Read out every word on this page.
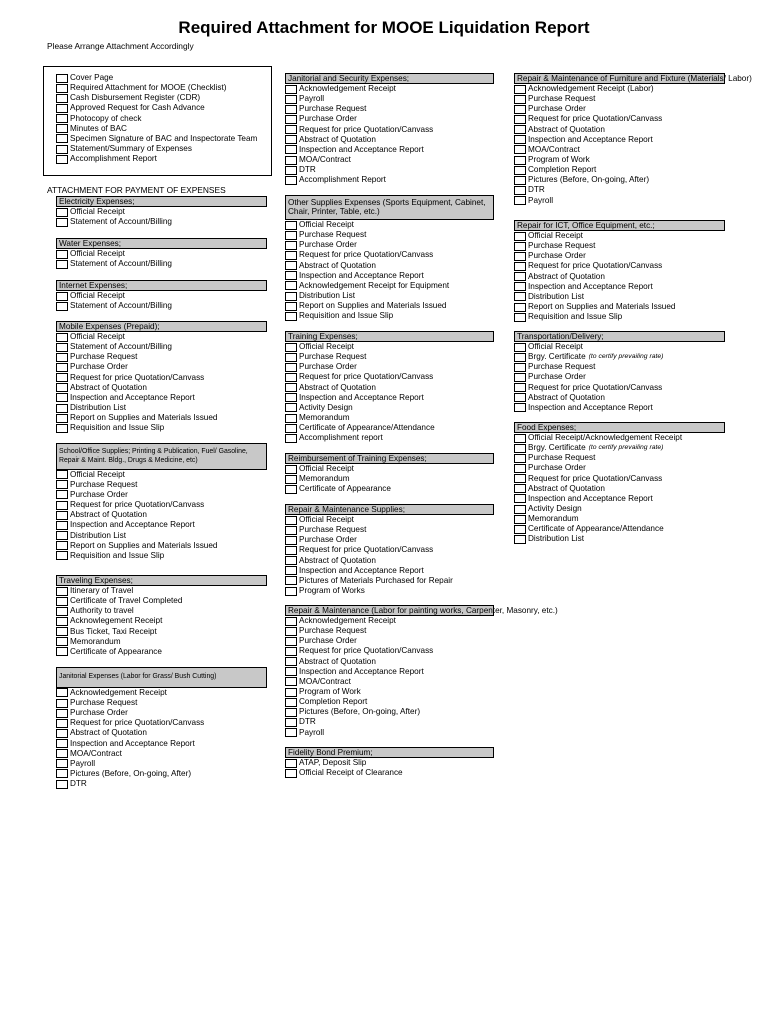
Required Attachment for MOOE Liquidation Report
Please Arrange Attachment Accordingly
Cover Page
Required Attachment for MOOE (Checklist)
Cash Disbursement Register (CDR)
Approved Request for Cash Advance
Photocopy of check
Minutes of BAC
Specimen Signature of BAC and Inspectorate Team
Statement/Summary of Expenses
Accomplishment Report
ATTACHMENT FOR PAYMENT OF EXPENSES
Electricity Expenses;
Official Receipt
Statement of Account/Billing
Water Expenses;
Official Receipt
Statement of Account/Billing
Internet Expenses;
Official Receipt
Statement of Account/Billing
Mobile Expenses (Prepaid);
Official Receipt
Statement of Account/Billing
Purchase Request
Purchase Order
Request for price Quotation/Canvass
Abstract of Quotation
Inspection and Acceptance Report
Distribution List
Report on Supplies and Materials Issued
Requisition and Issue Slip
School/Office Supplies; Printing & Publication, Fuel/ Gasoline, Repair & Maint. Bldg., Drugs & Medicine, etc)
Official Receipt
Purchase Request
Purchase Order
Request for price Quotation/Canvass
Abstract of Quotation
Inspection and Acceptance Report
Distribution List
Report on Supplies and Materials Issued
Requisition and Issue Slip
Traveling Expenses;
Itinerary of Travel
Certificate of Travel Completed
Authority to travel
Acknowlegement Receipt
Bus Ticket, Taxi Receipt
Memorandum
Certificate of Appearance
Janitorial Expenses (Labor for Grass/ Bush Cutting)
Acknowledgement Receipt
Purchase Request
Purchase Order
Request for price Quotation/Canvass
Abstract of Quotation
Inspection and Acceptance Report
MOA/Contract
Payroll
Pictures (Before, On-going, After)
DTR
Janitorial and Security Expenses;
Acknowledgement Receipt
Payroll
Purchase Request
Purchase Order
Request for price Quotation/Canvass
Abstract of Quotation
Inspection and Acceptance Report
MOA/Contract
DTR
Accomplishment Report
Other Supplies Expenses (Sports Equipment, Cabinet, Chair, Printer, Table, etc.)
Official Receipt
Purchase Request
Purchase Order
Request for price Quotation/Canvass
Abstract of Quotation
Inspection and Acceptance Report
Acknowledgement Receipt for Equipment
Distribution List
Report on Supplies and Materials Issued
Requisition and Issue Slip
Training Expenses;
Official Receipt
Purchase Request
Purchase Order
Request for price Quotation/Canvass
Abstract of Quotation
Inspection and Acceptance Report
Activity Design
Memorandum
Certificate of Appearance/Attendance
Accomplishment report
Reimbursement of Training Expenses;
Official Receipt
Memorandum
Certificate of Appearance
Repair & Maintenance Supplies;
Official Receipt
Purchase Request
Purchase Order
Request for price Quotation/Canvass
Abstract of Quotation
Inspection and Acceptance Report
Pictures of Materials Purchased for Repair
Program of Works
Repair & Maintenance (Labor for painting works, Carpenter, Masonry, etc.)
Acknowledgement Receipt
Purchase Request
Purchase Order
Request for price Quotation/Canvass
Abstract of Quotation
Inspection and Acceptance Report
MOA/Contract
Program of Work
Completion Report
Pictures (Before, On-going, After)
DTR
Payroll
Fidelity Bond Premium;
ATAP, Deposit Slip
Official Receipt of Clearance
Repair & Maintenance of Furniture and Fixture (Materials/ Labor)
Acknowledgement Receipt (Labor)
Purchase Request
Purchase Order
Request for price Quotation/Canvass
Abstract of Quotation
Inspection and Acceptance Report
MOA/Contract
Program of Work
Completion Report
Pictures (Before, On-going, After)
DTR
Payroll
Repair for ICT, Office Equipment, etc.;
Official Receipt
Purchase Request
Purchase Order
Request for price Quotation/Canvass
Abstract of Quotation
Inspection and Acceptance Report
Distribution List
Report on Supplies and Materials Issued
Requisition and Issue Slip
Transportation/Delivery;
Official Receipt
Brgy. Certificate (to certify prevailing rate)
Purchase Request
Purchase Order
Request for price Quotation/Canvass
Abstract of Quotation
Inspection and Acceptance Report
Food Expenses;
Official Receipt/Acknowledgement Receipt
Brgy. Certificate (to certify prevailing rate)
Purchase Request
Purchase Order
Request for price Quotation/Canvass
Abstract of Quotation
Inspection and Acceptance Report
Activity Design
Memorandum
Certificate of Appearance/Attendance
Distribution List
